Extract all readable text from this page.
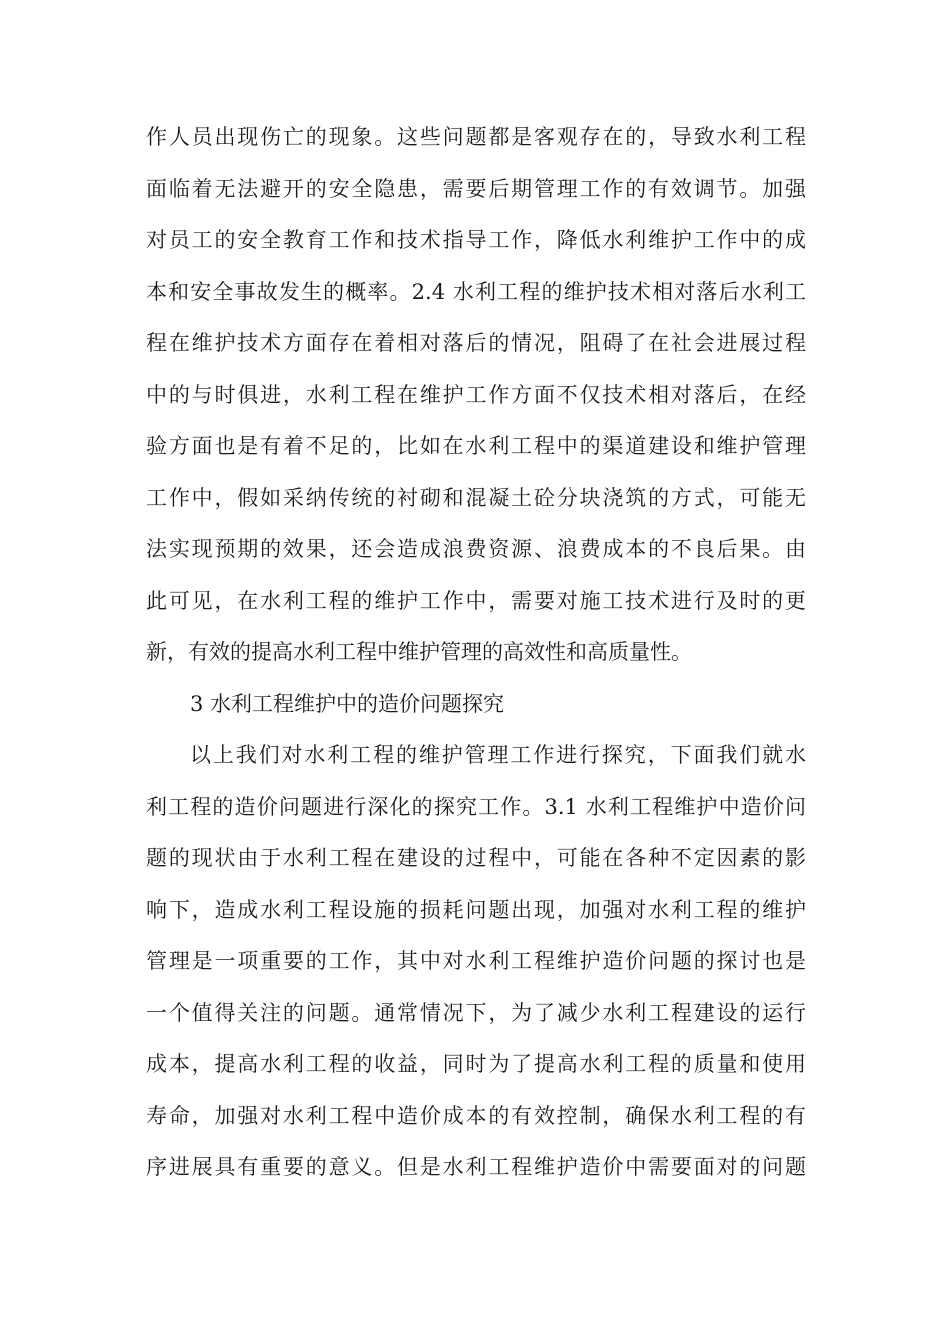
作人员出现伤亡的现象。这些问题都是客观存在的，导致水利工程
面临着无法避开的安全隐患，需要后期管理工作的有效调节。加强
对员工的安全教育工作和技术指导工作，降低水利维护工作中的成
本和安全事故发生的概率。2.4 水利工程的维护技术相对落后水利工
程在维护技术方面存在着相对落后的情况，阻碍了在社会进展过程
中的与时俱进，水利工程在维护工作方面不仅技术相对落后，在经
验方面也是有着不足的，比如在水利工程中的渠道建设和维护管理
工作中，假如采纳传统的衬砌和混凝土砼分块浇筑的方式，可能无
法实现预期的效果，还会造成浪费资源、浪费成本的不良后果。由
此可见，在水利工程的维护工作中，需要对施工技术进行及时的更
新，有效的提高水利工程中维护管理的高效性和高质量性。
3 水利工程维护中的造价问题探究
以上我们对水利工程的维护管理工作进行探究，下面我们就水
利工程的造价问题进行深化的探究工作。3.1 水利工程维护中造价问
题的现状由于水利工程在建设的过程中，可能在各种不定因素的影
响下，造成水利工程设施的损耗问题出现，加强对水利工程的维护
管理是一项重要的工作，其中对水利工程维护造价问题的探讨也是
一个值得关注的问题。通常情况下，为了减少水利工程建设的运行
成本，提高水利工程的收益，同时为了提高水利工程的质量和使用
寿命，加强对水利工程中造价成本的有效控制，确保水利工程的有
序进展具有重要的意义。但是水利工程维护造价中需要面对的问题
